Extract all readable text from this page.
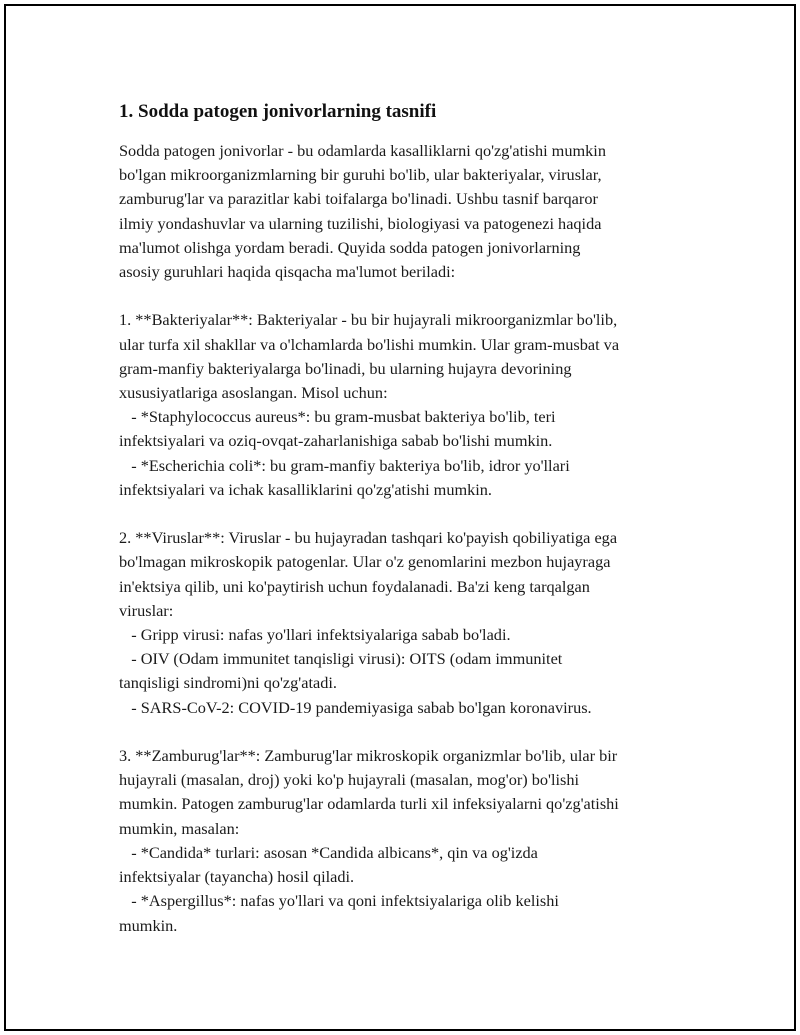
1. Sodda patogen jonivorlarning tasnifi
Sodda patogen jonivorlar - bu odamlarda kasalliklarni qo'zg'atishi mumkin
bo'lgan mikroorganizmlarning bir guruhi bo'lib, ular bakteriyalar, viruslar,
zamburug'lar va parazitlar kabi toifalarga bo'linadi. Ushbu tasnif barqaror
ilmiy yondashuvlar va ularning tuzilishi, biologiyasi va patogenezi haqida
ma'lumot olishga yordam beradi. Quyida sodda patogen jonivorlarning
asosiy guruhlari haqida qisqacha ma'lumot beriladi:

1. **Bakteriyalar**: Bakteriyalar - bu bir hujayrali mikroorganizmlar bo'lib,
ular turfa xil shakllar va o'lchamlarda bo'lishi mumkin. Ular gram-musbat va
gram-manfiy bakteriyalarga bo'linadi, bu ularning hujayra devorining
xususiyatlariga asoslangan. Misol uchun:
- *Staphylococcus aureus*: bu gram-musbat bakteriya bo'lib, teri
infektsiyalari va oziq-ovqat-zaharlanishiga sabab bo'lishi mumkin.
- *Escherichia coli*: bu gram-manfiy bakteriya bo'lib, idror yo'llari
infektsiyalari va ichak kasalliklarini qo'zg'atishi mumkin.

2. **Viruslar**: Viruslar - bu hujayradan tashqari ko'payish qobiliyatiga ega
bo'lmagan mikroskopik patogenlar. Ular o'z genomlarini mezbon hujayraga
in'ektsiya qilib, uni ko'paytirish uchun foydalanadi. Ba'zi keng tarqalgan
viruslar:
- Gripp virusi: nafas yo'llari infektsiyalariga sabab bo'ladi.
- OIV (Odam immunitet tanqisligi virusi): OITS (odam immunitet
tanqisligi sindromi)ni qo'zg'atadi.
- SARS-CoV-2: COVID-19 pandemiyasiga sabab bo'lgan koronavirus.

3. **Zamburug'lar**: Zamburug'lar mikroskopik organizmlar bo'lib, ular bir
hujayrali (masalan, droj) yoki ko'p hujayrali (masalan, mog'or) bo'lishi
mumkin. Patogen zamburug'lar odamlarda turli xil infeksiyalarni qo'zg'atishi
mumkin, masalan:
- *Candida* turlari: asosan *Candida albicans*, qin va og'izda
infektsiyalar (tayancha) hosil qiladi.
- *Aspergillus*: nafas yo'llari va qoni infektsiyalariga olib kelishi
mumkin.
